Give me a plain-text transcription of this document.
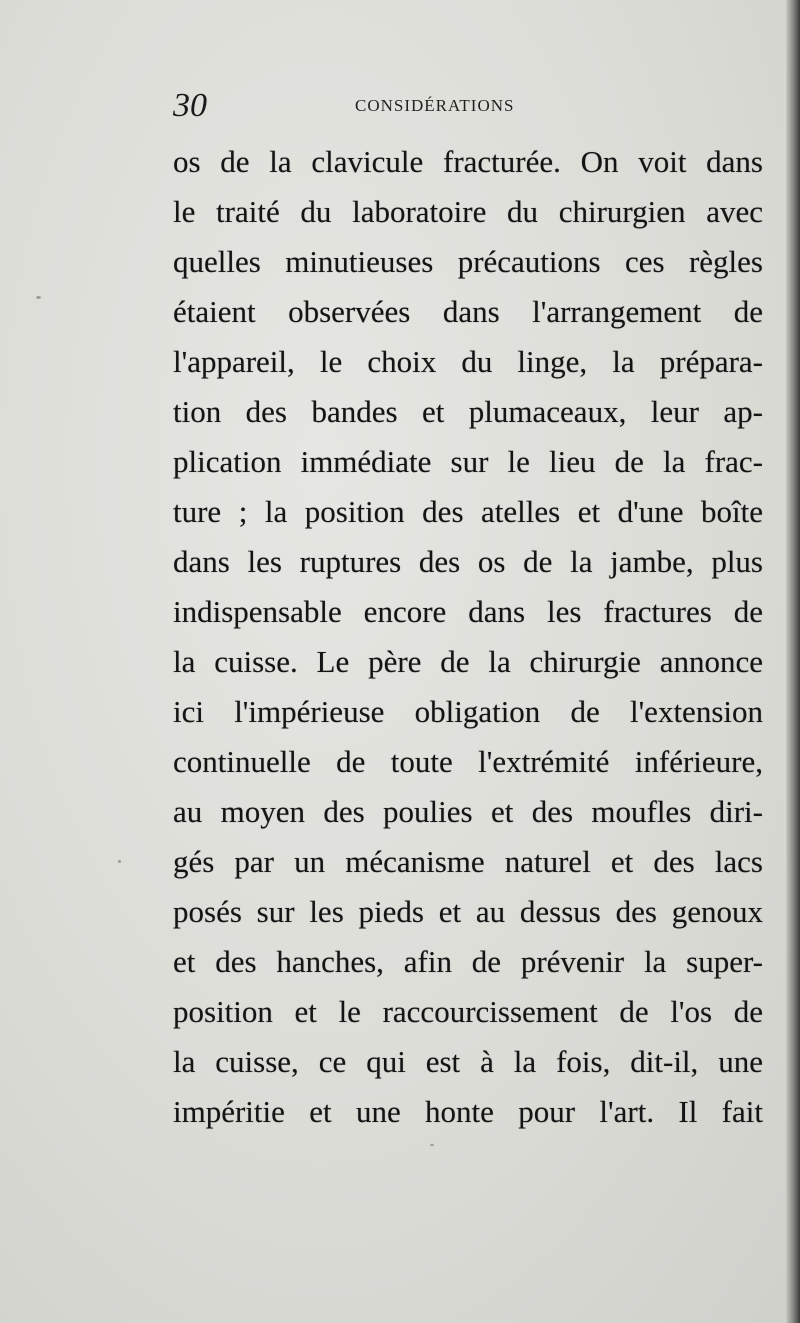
30	CONSIDÉRATIONS
os de la clavicule fracturée. On voit dans
le traité du laboratoire du chirurgien avec
quelles minutieuses précautions ces règles
étaient observées dans l'arrangement de
l'appareil, le choix du linge, la prépara-
tion des bandes et plumaceaux, leur ap-
plication immédiate sur le lieu de la frac-
ture ; la position des atelles et d'une boîte
dans les ruptures des os de la jambe, plus
indispensable encore dans les fractures de
la cuisse. Le père de la chirurgie annonce
ici l'impérieuse obligation de l'extension
continuelle de toute l'extrémité inférieure,
au moyen des poulies et des moufles diri-
gés par un mécanisme naturel et des lacs
posés sur les pieds et au dessus des genoux
et des hanches, afin de prévenir la super-
position et le raccourcissement de l'os de
la cuisse, ce qui est à la fois, dit-il, une
impéritie et une honte pour l'art. Il fait
